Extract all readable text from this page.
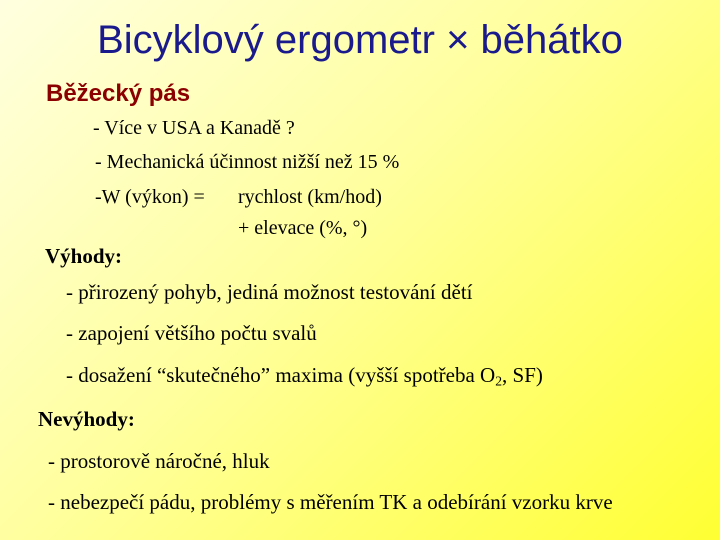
Bicyklový ergometr × běhátko
Běžecký pás
- Více v USA a Kanadě ?
- Mechanická účinnost nižší než 15 %
-W (výkon) = rychlost (km/hod)
+ elevace (%, °)
Výhody:
- přirozený pohyb, jediná možnost testování dětí
- zapojení většího počtu svalů
- dosažení “skutečného” maxima (vyšší spotřeba $O_2$, SF)
Nevýhody:
- prostorově náročné, hluk
- nebezpečí pádu, problémy s měřením TK a odebírání vzorku krve
